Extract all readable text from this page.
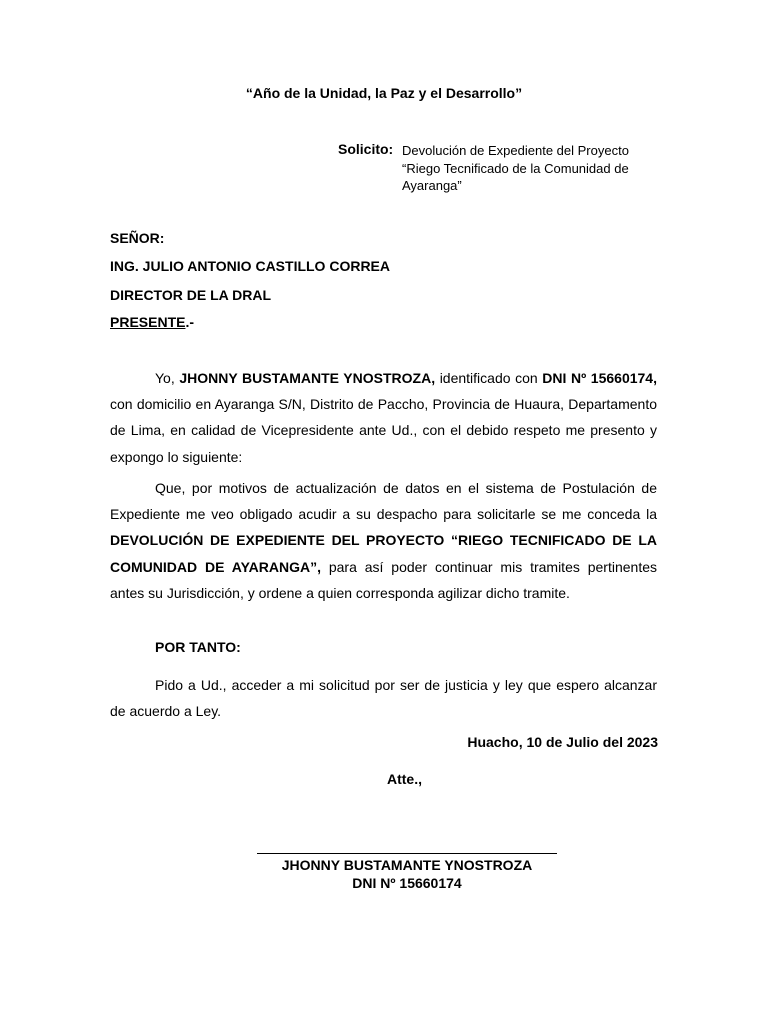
“Año de la Unidad, la Paz y el Desarrollo”
Solicito: Devolución de Expediente del Proyecto “Riego Tecnificado de la Comunidad de Ayaranga”
SEÑOR:
ING. JULIO ANTONIO CASTILLO CORREA
DIRECTOR DE LA DRAL
PRESENTE.-
Yo, JHONNY BUSTAMANTE YNOSTROZA, identificado con DNI Nº 15660174, con domicilio en Ayaranga S/N, Distrito de Paccho, Provincia de Huaura, Departamento de Lima, en calidad de Vicepresidente ante Ud., con el debido respeto me presento y expongo lo siguiente:
Que, por motivos de actualización de datos en el sistema de Postulación de Expediente me veo obligado acudir a su despacho para solicitarle se me conceda la DEVOLUCIÓN DE EXPEDIENTE DEL PROYECTO “RIEGO TECNIFICADO DE LA COMUNIDAD DE AYARANGA”, para así poder continuar mis tramites pertinentes antes su Jurisdicción, y ordene a quien corresponda agilizar dicho tramite.
POR TANTO:
Pido a Ud., acceder a mi solicitud por ser de justicia y ley que espero alcanzar de acuerdo a Ley.
Huacho, 10 de Julio del 2023
Atte.,
JHONNY BUSTAMANTE YNOSTROZA
DNI Nº 15660174
